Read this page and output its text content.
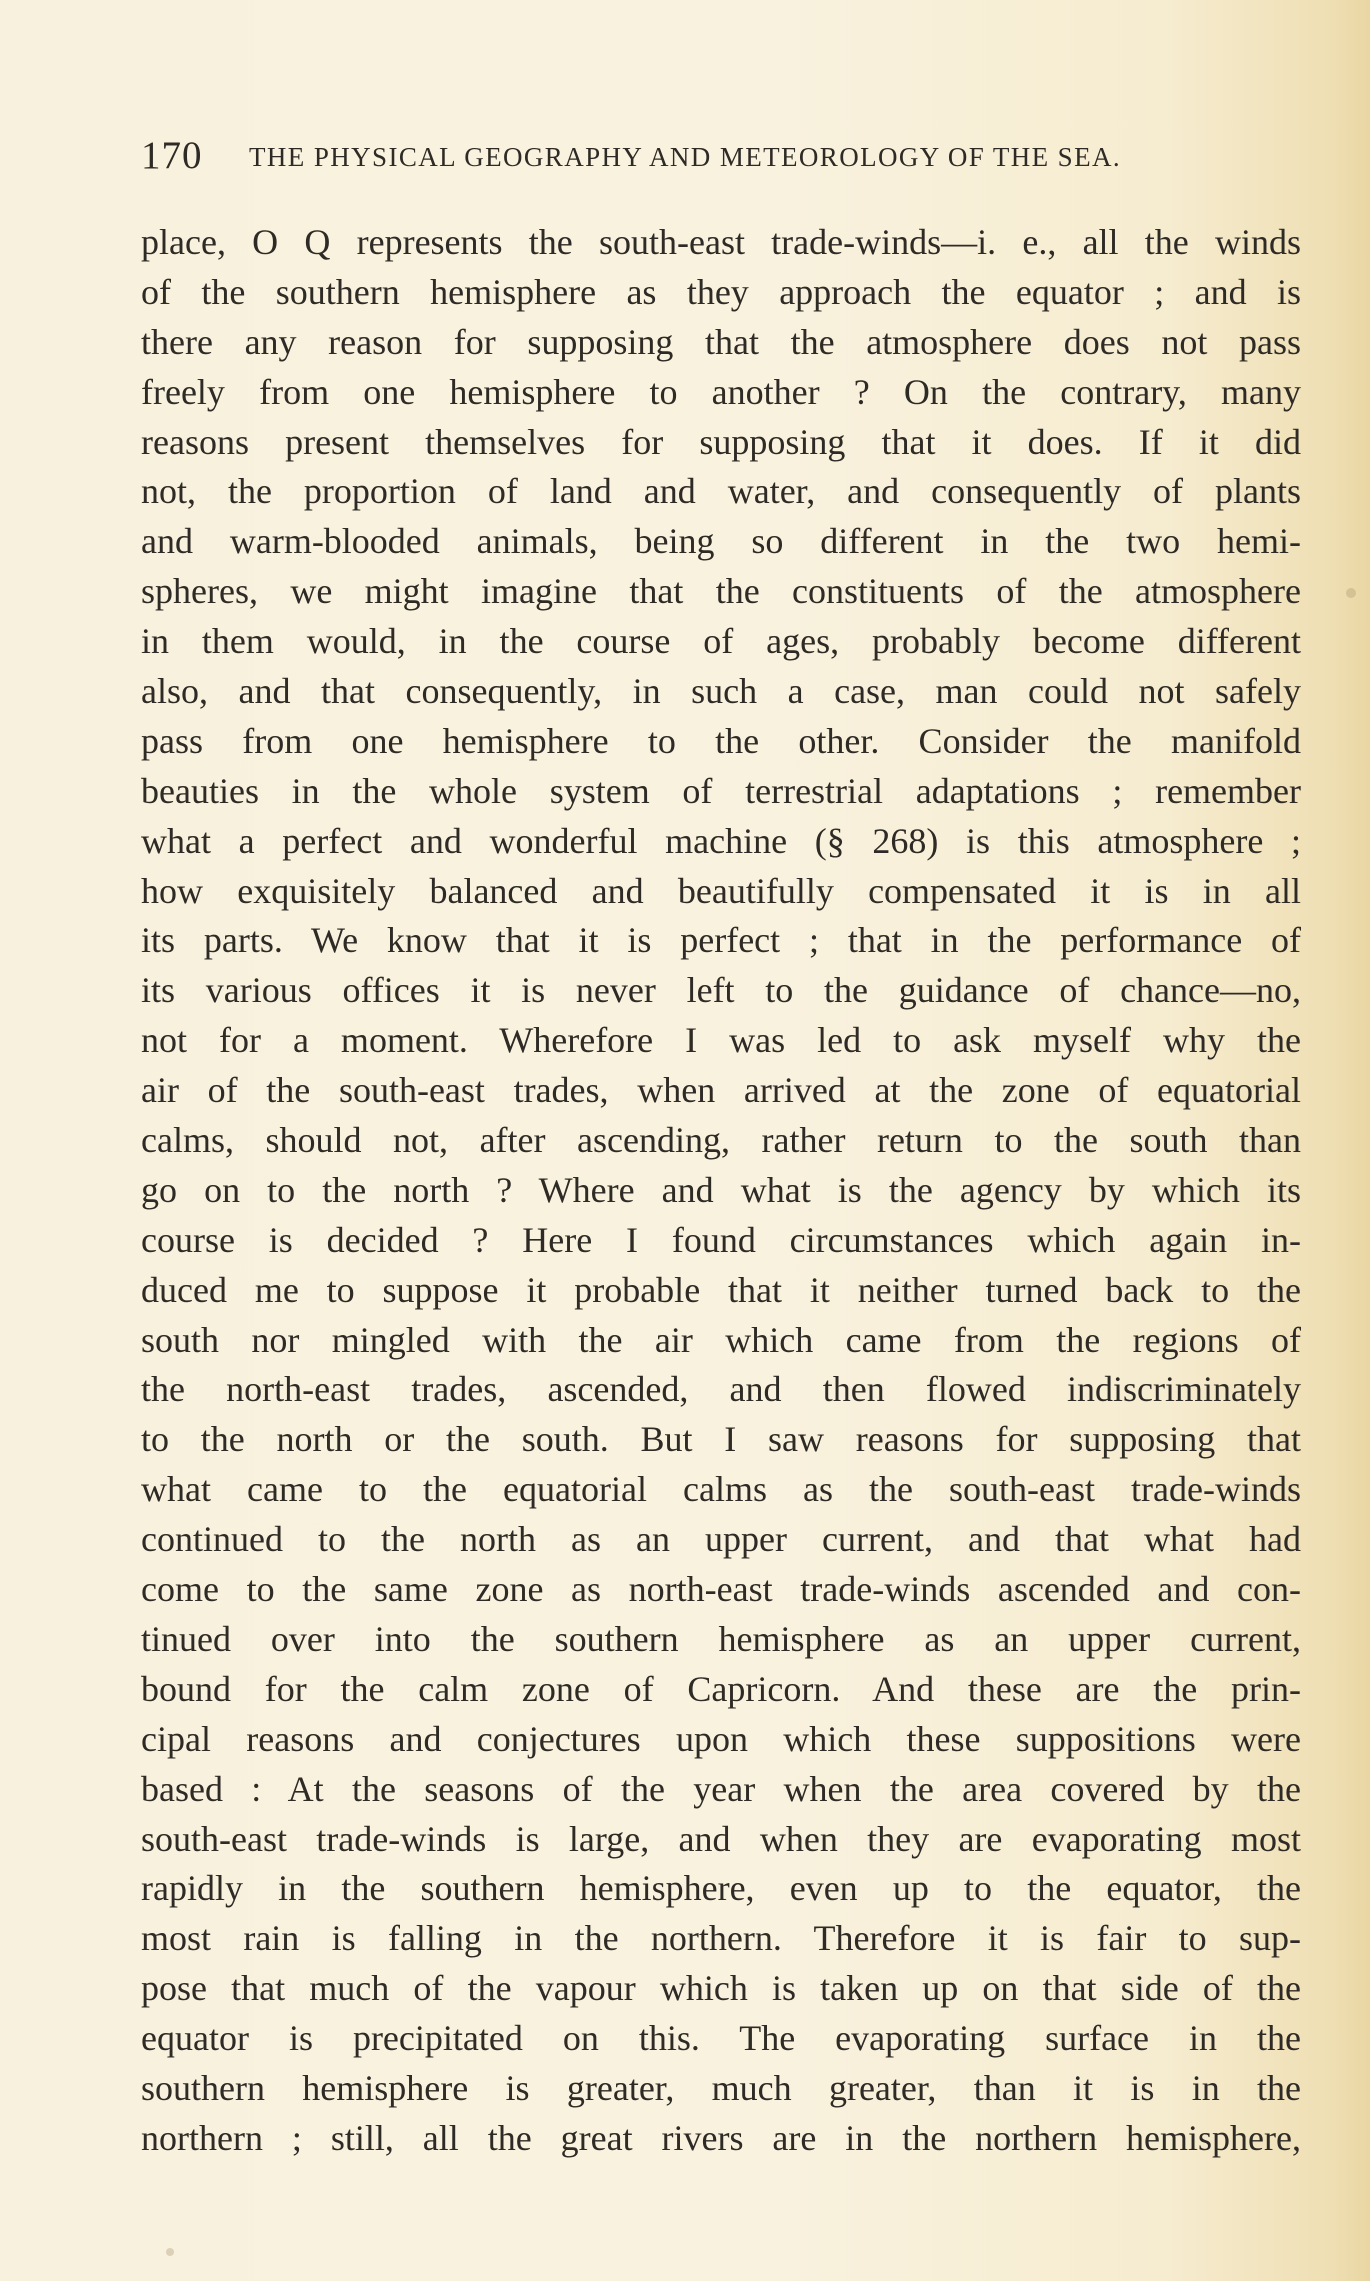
170 THE PHYSICAL GEOGRAPHY AND METEOROLOGY OF THE SEA.
place, O Q represents the south-east trade-winds—i. e., all the winds
of the southern hemisphere as they approach the equator ; and is
there any reason for supposing that the atmosphere does not pass
freely from one hemisphere to another ? On the contrary, many
reasons present themselves for supposing that it does. If it did
not, the proportion of land and water, and consequently of plants
and warm-blooded animals, being so different in the two hemi-
spheres, we might imagine that the constituents of the atmosphere
in them would, in the course of ages, probably become different
also, and that consequently, in such a case, man could not safely
pass from one hemisphere to the other. Consider the manifold
beauties in the whole system of terrestrial adaptations ; remember
what a perfect and wonderful machine (§ 268) is this atmosphere ;
how exquisitely balanced and beautifully compensated it is in all
its parts. We know that it is perfect ; that in the performance of
its various offices it is never left to the guidance of chance—no,
not for a moment. Wherefore I was led to ask myself why the
air of the south-east trades, when arrived at the zone of equatorial
calms, should not, after ascending, rather return to the south than
go on to the north ? Where and what is the agency by which its
course is decided ? Here I found circumstances which again in-
duced me to suppose it probable that it neither turned back to the
south nor mingled with the air which came from the regions of
the north-east trades, ascended, and then flowed indiscriminately
to the north or the south. But I saw reasons for supposing that
what came to the equatorial calms as the south-east trade-winds
continued to the north as an upper current, and that what had
come to the same zone as north-east trade-winds ascended and con-
tinued over into the southern hemisphere as an upper current,
bound for the calm zone of Capricorn. And these are the prin-
cipal reasons and conjectures upon which these suppositions were
based : At the seasons of the year when the area covered by the
south-east trade-winds is large, and when they are evaporating most
rapidly in the southern hemisphere, even up to the equator, the
most rain is falling in the northern. Therefore it is fair to sup-
pose that much of the vapour which is taken up on that side of the
equator is precipitated on this. The evaporating surface in the
southern hemisphere is greater, much greater, than it is in the
northern ; still, all the great rivers are in the northern hemisphere,
